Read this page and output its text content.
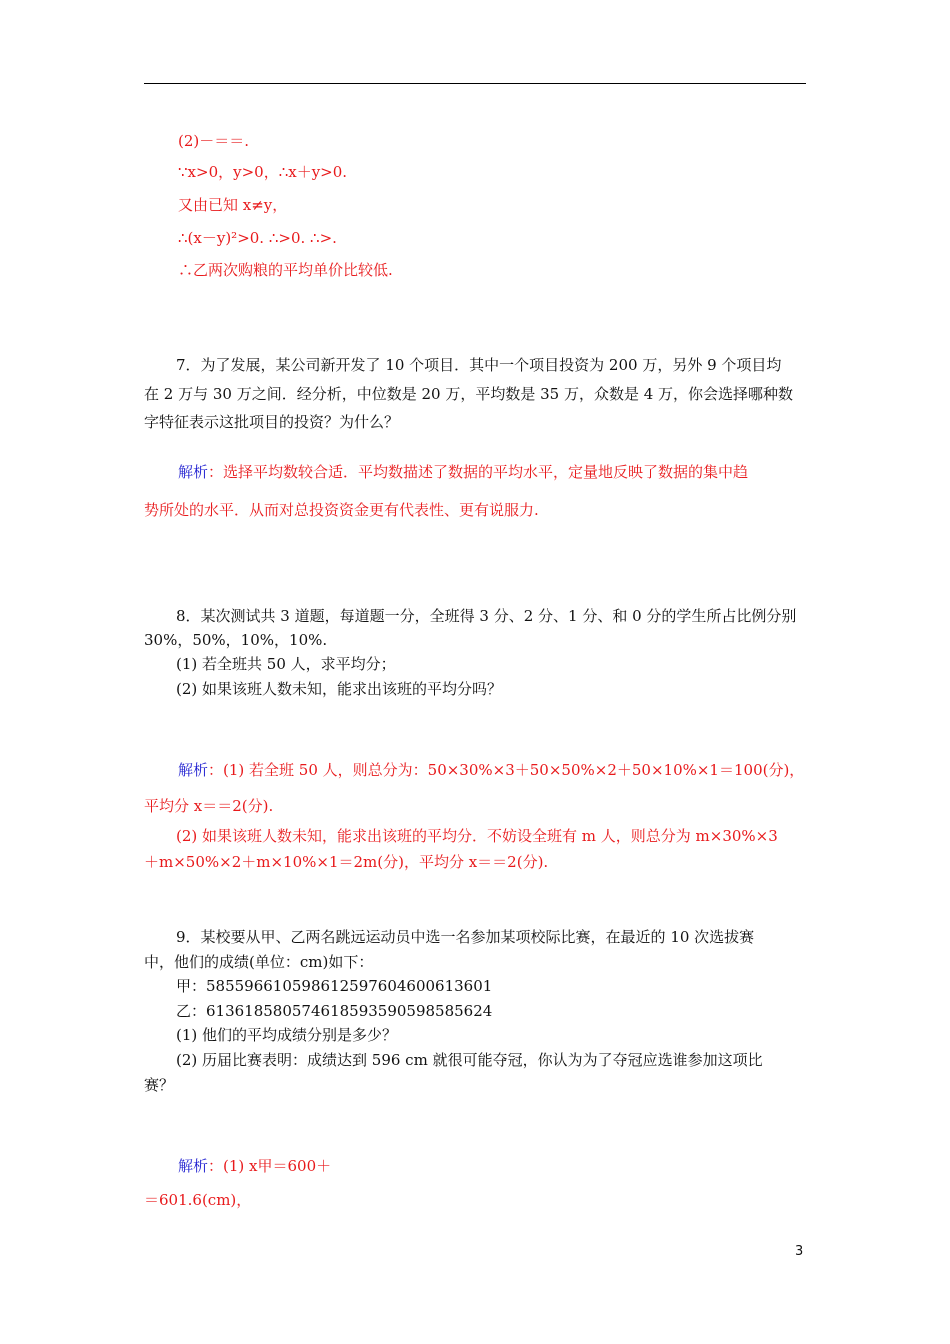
(2)－＝＝.
∵x>0，y>0，∴x＋y>0.
又由已知 x≠y，
∴(x－y)²>0. ∴>0. ∴>.
∴乙两次购粮的平均单价比较低.
7．为了发展，某公司新开发了 10 个项目．其中一个项目投资为 200 万，另外 9 个项目均
在 2 万与 30 万之间．经分析，中位数是 20 万，平均数是 35 万，众数是 4 万，你会选择哪种数
字特征表示这批项目的投资？为什么？
解析：选择平均数较合适．平均数描述了数据的平均水平，定量地反映了数据的集中趋
势所处的水平．从而对总投资资金更有代表性、更有说服力.
8．某次测试共 3 道题，每道题一分，全班得 3 分、2 分、1 分、和 0 分的学生所占比例分别
30%，50%，10%，10%.
(1) 若全班共 50 人，求平均分；
(2) 如果该班人数未知，能求出该班的平均分吗？
解析：(1) 若全班 50 人，则总分为：50×30%×3＋50×50%×2＋50×10%×1＝100(分)，
平均分 x＝＝2(分).
(2) 如果该班人数未知，能求出该班的平均分．不妨设全班有 m 人，则总分为 m×30%×3
＋m×50%×2＋m×10%×1＝2m(分)，平均分 x＝＝2(分).
9．某校要从甲、乙两名跳远运动员中选一名参加某项校际比赛，在最近的 10 次选拔赛
中，他们的成绩(单位：cm)如下：
甲：585596610598612597604600613601
乙：613618580574618593590598585624
(1) 他们的平均成绩分别是多少？
(2) 历届比赛表明：成绩达到 596 cm 就很可能夺冠，你认为为了夺冠应选谁参加这项比
赛？
解析：(1) x甲＝600＋
＝601.6(cm)，
3
